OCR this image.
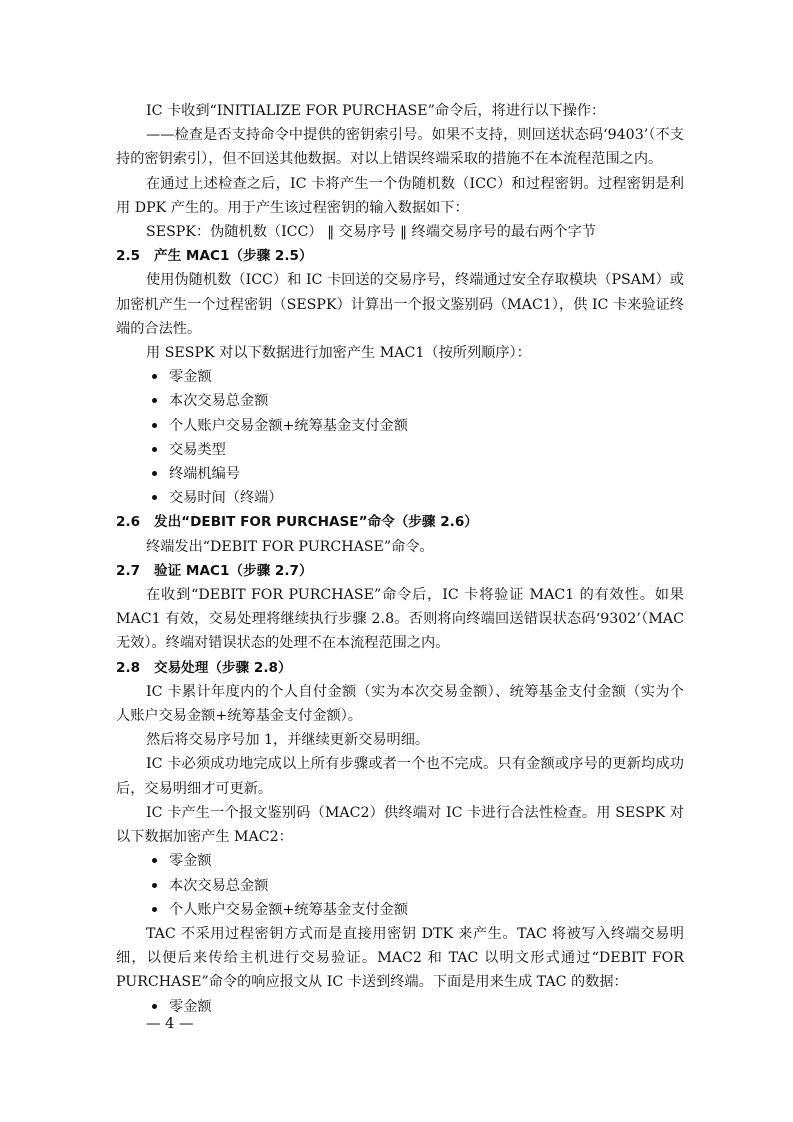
IC 卡收到“INITIALIZE FOR PURCHASE”命令后，将进行以下操作：

——检查是否支持命令中提供的密钥索引号。如果不支持，则回送状态码‘9403’（不支持的密钥索引），但不回送其他数据。对以上错误终端采取的措施不在本流程范围之内。

在通过上述检查之后，IC 卡将产生一个伪随机数（ICC）和过程密钥。过程密钥是利用 DPK 产生的。用于产生该过程密钥的输入数据如下：

SESPK：伪随机数（ICC） ‖ 交易序号 ‖ 终端交易序号的最右两个字节

2.5	产生 MAC1（步骤 2.5）

使用伪随机数（ICC）和 IC 卡回送的交易序号，终端通过安全存取模块（PSAM）或加密机产生一个过程密钥（SESPK）计算出一个报文鉴别码（MAC1），供 IC 卡来验证终端的合法性。

用 SESPK 对以下数据进行加密产生 MAC1（按所列顺序）：

零金额
本次交易总金额
个人账户交易金额+统筹基金支付金额
交易类型
终端机编号
交易时间（终端）
2.6	发出“DEBIT FOR PURCHASE”命令（步骤 2.6）

终端发出“DEBIT FOR PURCHASE”命令。

2.7	验证 MAC1（步骤 2.7）

在收到“DEBIT FOR PURCHASE”命令后，IC 卡将验证 MAC1 的有效性。如果 MAC1 有效，交易处理将继续执行步骤 2.8。否则将向终端回送错误状态码‘9302’（MAC 无效）。终端对错误状态的处理不在本流程范围之内。

2.8	交易处理（步骤 2.8）

IC 卡累计年度内的个人自付金额（实为本次交易金额）、统筹基金支付金额（实为个人账户交易金额+统筹基金支付金额）。

然后将交易序号加 1，并继续更新交易明细。

IC 卡必须成功地完成以上所有步骤或者一个也不完成。只有金额或序号的更新均成功后，交易明细才可更新。

IC 卡产生一个报文鉴别码（MAC2）供终端对 IC 卡进行合法性检查。用 SESPK 对以下数据加密产生 MAC2：

零金额
本次交易总金额
个人账户交易金额+统筹基金支付金额

TAC 不采用过程密钥方式而是直接用密钥 DTK 来产生。TAC 将被写入终端交易明细，以便后来传给主机进行交易验证。MAC2 和 TAC 以明文形式通过“DEBIT FOR PURCHASE”命令的响应报文从 IC 卡送到终端。下面是用来生成 TAC 的数据：

零金额
— 4 —
